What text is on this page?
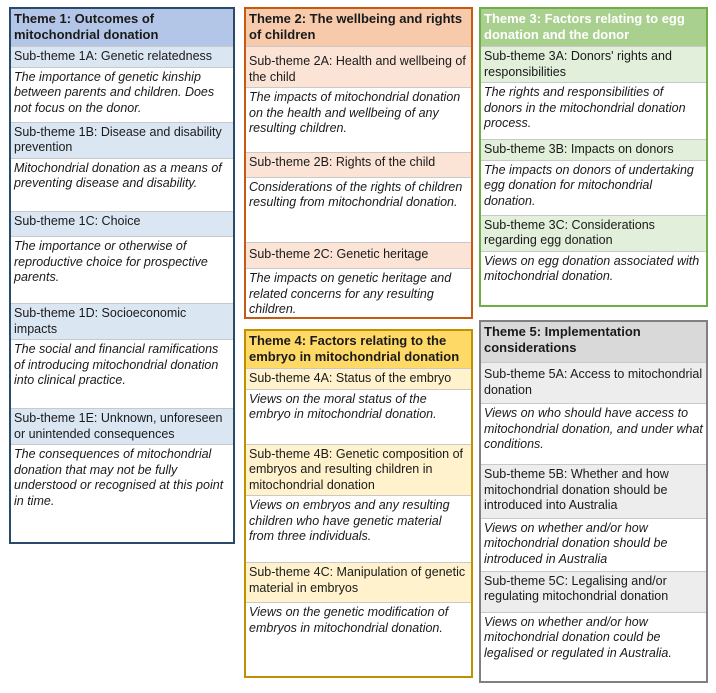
Theme 1: Outcomes of mitochondrial donation
Sub-theme 1A: Genetic relatedness
The importance of genetic kinship between parents and children. Does not focus on the donor.
Sub-theme 1B: Disease and disability prevention
Mitochondrial donation as a means of preventing disease and disability.
Sub-theme 1C: Choice
The importance or otherwise of reproductive choice for prospective parents.
Sub-theme 1D: Socioeconomic impacts
The social and financial ramifications of introducing mitochondrial donation into clinical practice.
Sub-theme 1E: Unknown, unforeseen or unintended consequences
The consequences of mitochondrial donation that may not be fully understood or recognised at this point in time.
Theme 2: The wellbeing and rights of children
Sub-theme 2A: Health and wellbeing of the child
The impacts of mitochondrial donation on the health and wellbeing of any resulting children.
Sub-theme 2B: Rights of the child
Considerations of the rights of children resulting from mitochondrial donation.
Sub-theme 2C: Genetic heritage
The impacts on genetic heritage and related concerns for any resulting children.
Theme 3: Factors relating to egg donation and the donor
Sub-theme 3A: Donors' rights and responsibilities
The rights and responsibilities of donors in the mitochondrial donation process.
Sub-theme 3B: Impacts on donors
The impacts on donors of undertaking egg donation for mitochondrial donation.
Sub-theme 3C: Considerations regarding egg donation
Views on egg donation associated with mitochondrial donation.
Theme 4: Factors relating to the embryo in mitochondrial donation
Sub-theme 4A: Status of the embryo
Views on the moral status of the embryo in mitochondrial donation.
Sub-theme 4B: Genetic composition of embryos and resulting children in mitochondrial donation
Views on embryos and any resulting children who have genetic material from three individuals.
Sub-theme 4C: Manipulation of genetic material in embryos
Views on the genetic modification of embryos in mitochondrial donation.
Theme 5: Implementation considerations
Sub-theme 5A: Access to mitochondrial donation
Views on who should have access to mitochondrial donation, and under what conditions.
Sub-theme 5B: Whether and how mitochondrial donation should be introduced into Australia
Views on whether and/or how mitochondrial donation should be introduced in Australia
Sub-theme 5C: Legalising and/or regulating mitochondrial donation
Views on whether and/or how mitochondrial donation could be legalised or regulated in Australia.
